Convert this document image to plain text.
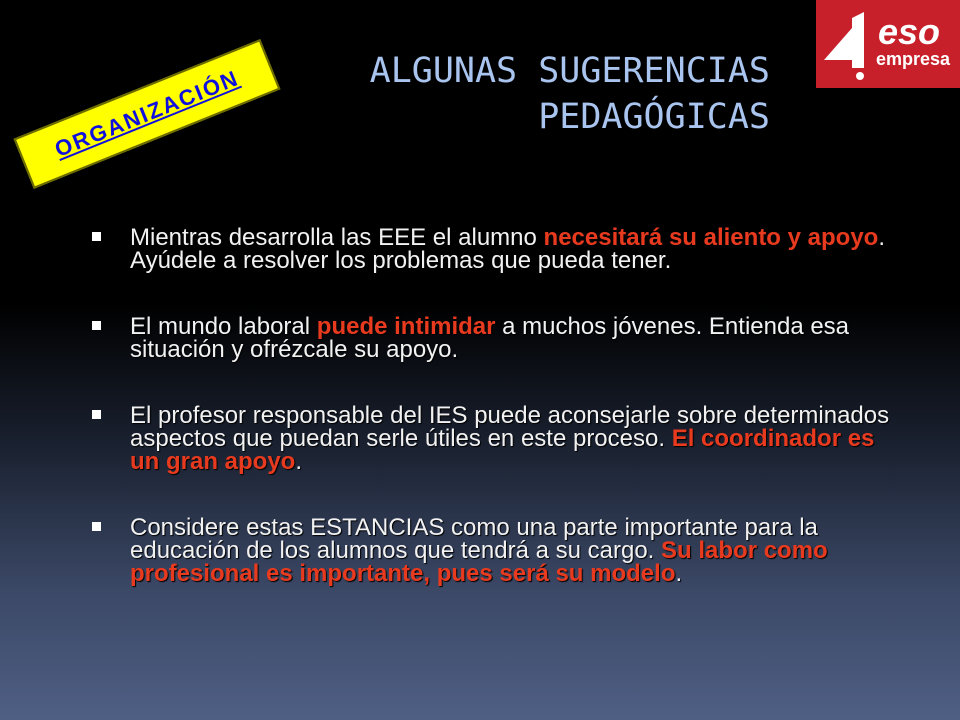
ALGUNAS SUGERENCIAS
PEDAGÓGICAS
ORGANIZACIÓN
eso
empresa
Mientras desarrolla las EEE el alumno necesitará su aliento y apoyo. Ayúdele a resolver los problemas que pueda tener.
El mundo laboral puede intimidar a muchos jóvenes. Entienda esa situación y ofrézcale su apoyo.
El profesor responsable del IES puede aconsejarle sobre determinados aspectos que puedan serle útiles en este proceso. El coordinador es un gran apoyo.
Considere estas ESTANCIAS como una parte importante para la educación de los alumnos que tendrá a su cargo. Su labor como profesional es importante, pues será su modelo.
